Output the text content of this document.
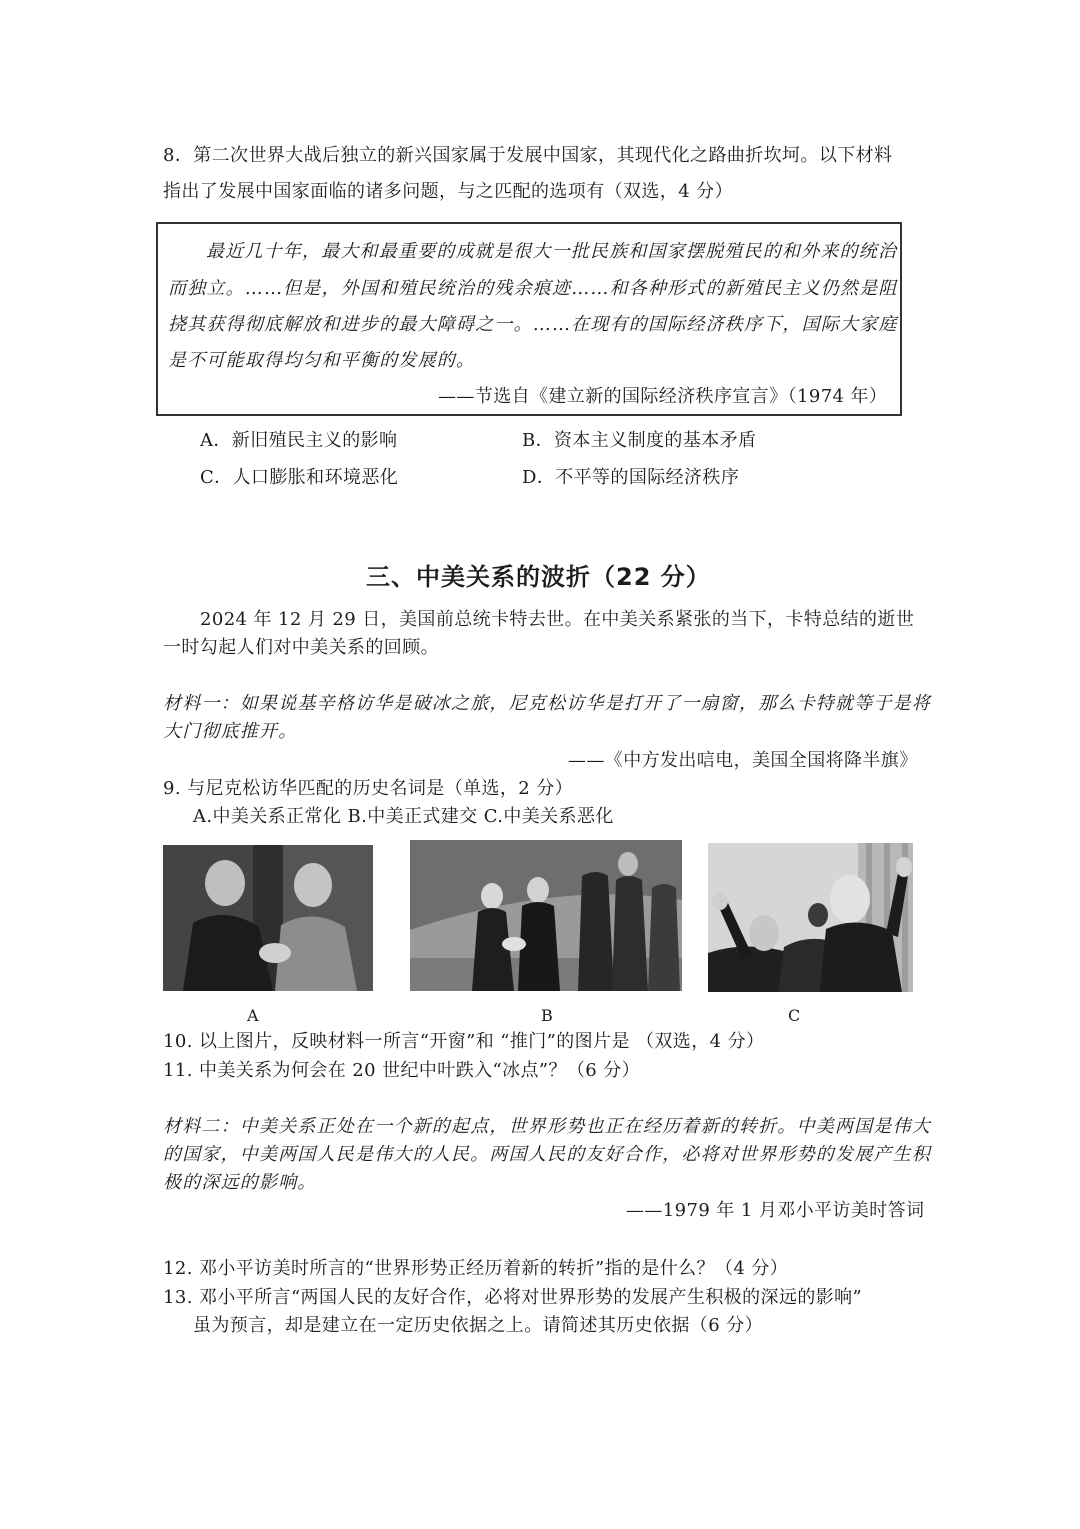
8．第二次世界大战后独立的新兴国家属于发展中国家，其现代化之路曲折坎坷。以下材料
指出了发展中国家面临的诸多问题，与之匹配的选项有（双选，4 分）
最近几十年，最大和最重要的成就是很大一批民族和国家摆脱殖民的和外来的统治
而独立。……但是，外国和殖民统治的残余痕迹……和各种形式的新殖民主义仍然是阻
挠其获得彻底解放和进步的最大障碍之一。……在现有的国际经济秩序下，国际大家庭
是不可能取得均匀和平衡的发展的。
——节选自《建立新的国际经济秩序宣言》（1974 年）
A．新旧殖民主义的影响	B．资本主义制度的基本矛盾
C．人口膨胀和环境恶化	D．不平等的国际经济秩序
三、中美关系的波折（22 分）
2024 年 12 月 29 日，美国前总统卡特去世。在中美关系紧张的当下，卡特总结的逝世
一时勾起人们对中美关系的回顾。
材料一：如果说基辛格访华是破冰之旅，尼克松访华是打开了一扇窗，那么卡特就等于是将
大门彻底推开。
——《中方发出唁电，美国全国将降半旗》
9. 与尼克松访华匹配的历史名词是（单选，2 分）
A.中美关系正常化 B.中美正式建交 C.中美关系恶化
A	B	C
10. 以上图片，反映材料一所言“开窗”和 “推门”的图片是 （双选，4 分）
11. 中美关系为何会在 20 世纪中叶跌入“冰点”？（6 分）
材料二：中美关系正处在一个新的起点，世界形势也正在经历着新的转折。中美两国是伟大
的国家，中美两国人民是伟大的人民。两国人民的友好合作，必将对世界形势的发展产生积
极的深远的影响。
——1979 年 1 月邓小平访美时答词
12. 邓小平访美时所言的“世界形势正经历着新的转折”指的是什么？（4 分）
13. 邓小平所言“两国人民的友好合作，必将对世界形势的发展产生积极的深远的影响”
虽为预言，却是建立在一定历史依据之上。请简述其历史依据（6 分）
